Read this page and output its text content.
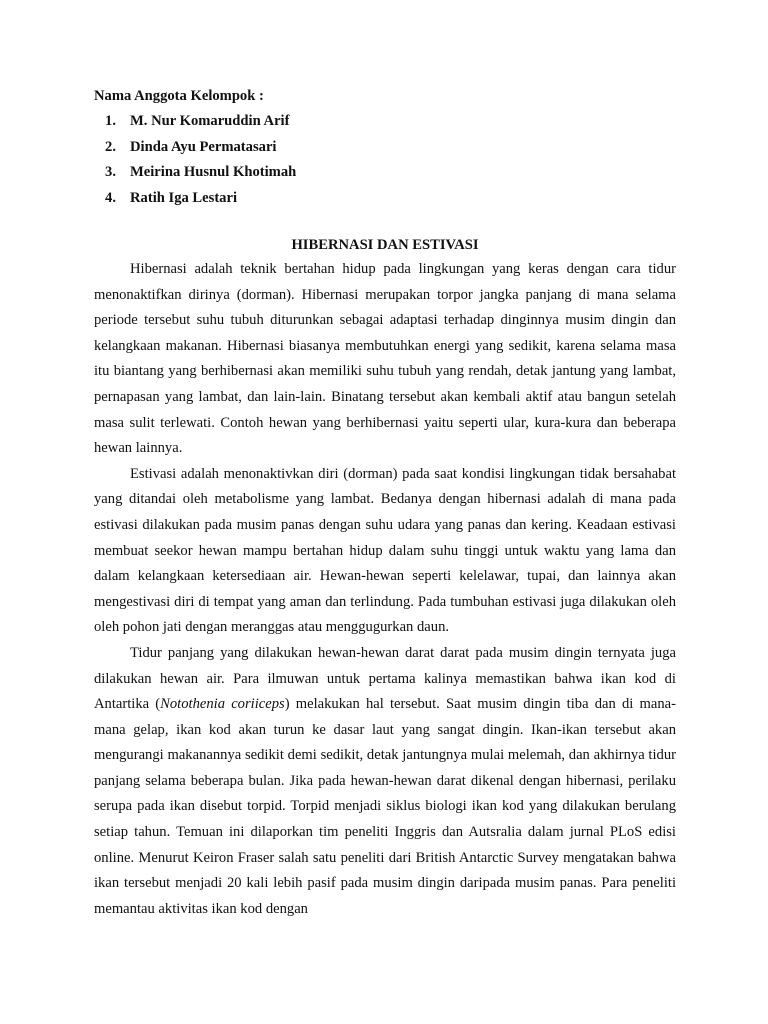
Nama Anggota Kelompok :

1. M. Nur Komaruddin Arif
2. Dinda Ayu Permatasari
3. Meirina Husnul Khotimah
4. Ratih Iga Lestari

HIBERNASI DAN ESTIVASI

Hibernasi adalah teknik bertahan hidup pada lingkungan yang keras dengan cara tidur menonaktifkan dirinya (dorman). Hibernasi merupakan torpor jangka panjang di mana selama periode tersebut suhu tubuh diturunkan sebagai adaptasi terhadap dinginnya musim dingin dan kelangkaan makanan. Hibernasi biasanya membutuhkan energi yang sedikit, karena selama masa itu biantang yang berhibernasi akan memiliki suhu tubuh yang rendah, detak jantung yang lambat, pernapasan yang lambat, dan lain-lain. Binatang tersebut akan kembali aktif atau bangun setelah masa sulit terlewati. Contoh hewan yang berhibernasi yaitu seperti ular, kura-kura dan beberapa hewan lainnya.

Estivasi adalah menonaktivkan diri (dorman) pada saat kondisi lingkungan tidak bersahabat yang ditandai oleh metabolisme yang lambat. Bedanya dengan hibernasi adalah di mana pada estivasi dilakukan pada musim panas dengan suhu udara yang panas dan kering. Keadaan estivasi membuat seekor hewan mampu bertahan hidup dalam suhu tinggi untuk waktu yang lama dan dalam kelangkaan ketersediaan air. Hewan-hewan seperti kelelawar, tupai, dan lainnya akan mengestivasi diri di tempat yang aman dan terlindung. Pada tumbuhan estivasi juga dilakukan oleh oleh pohon jati dengan meranggas atau menggugurkan daun.

Tidur panjang yang dilakukan hewan-hewan darat darat pada musim dingin ternyata juga dilakukan hewan air. Para ilmuwan untuk pertama kalinya memastikan bahwa ikan kod di Antartika (Notothenia coriiceps) melakukan hal tersebut. Saat musim dingin tiba dan di mana-mana gelap, ikan kod akan turun ke dasar laut yang sangat dingin. Ikan-ikan tersebut akan mengurangi makanannya sedikit demi sedikit, detak jantungnya mulai melemah, dan akhirnya tidur panjang selama beberapa bulan. Jika pada hewan-hewan darat dikenal dengan hibernasi, perilaku serupa pada ikan disebut torpid. Torpid menjadi siklus biologi ikan kod yang dilakukan berulang setiap tahun. Temuan ini dilaporkan tim peneliti Inggris dan Autsralia dalam jurnal PLoS edisi online. Menurut Keiron Fraser salah satu peneliti dari British Antarctic Survey mengatakan bahwa ikan tersebut menjadi 20 kali lebih pasif pada musim dingin daripada musim panas. Para peneliti memantau aktivitas ikan kod dengan
